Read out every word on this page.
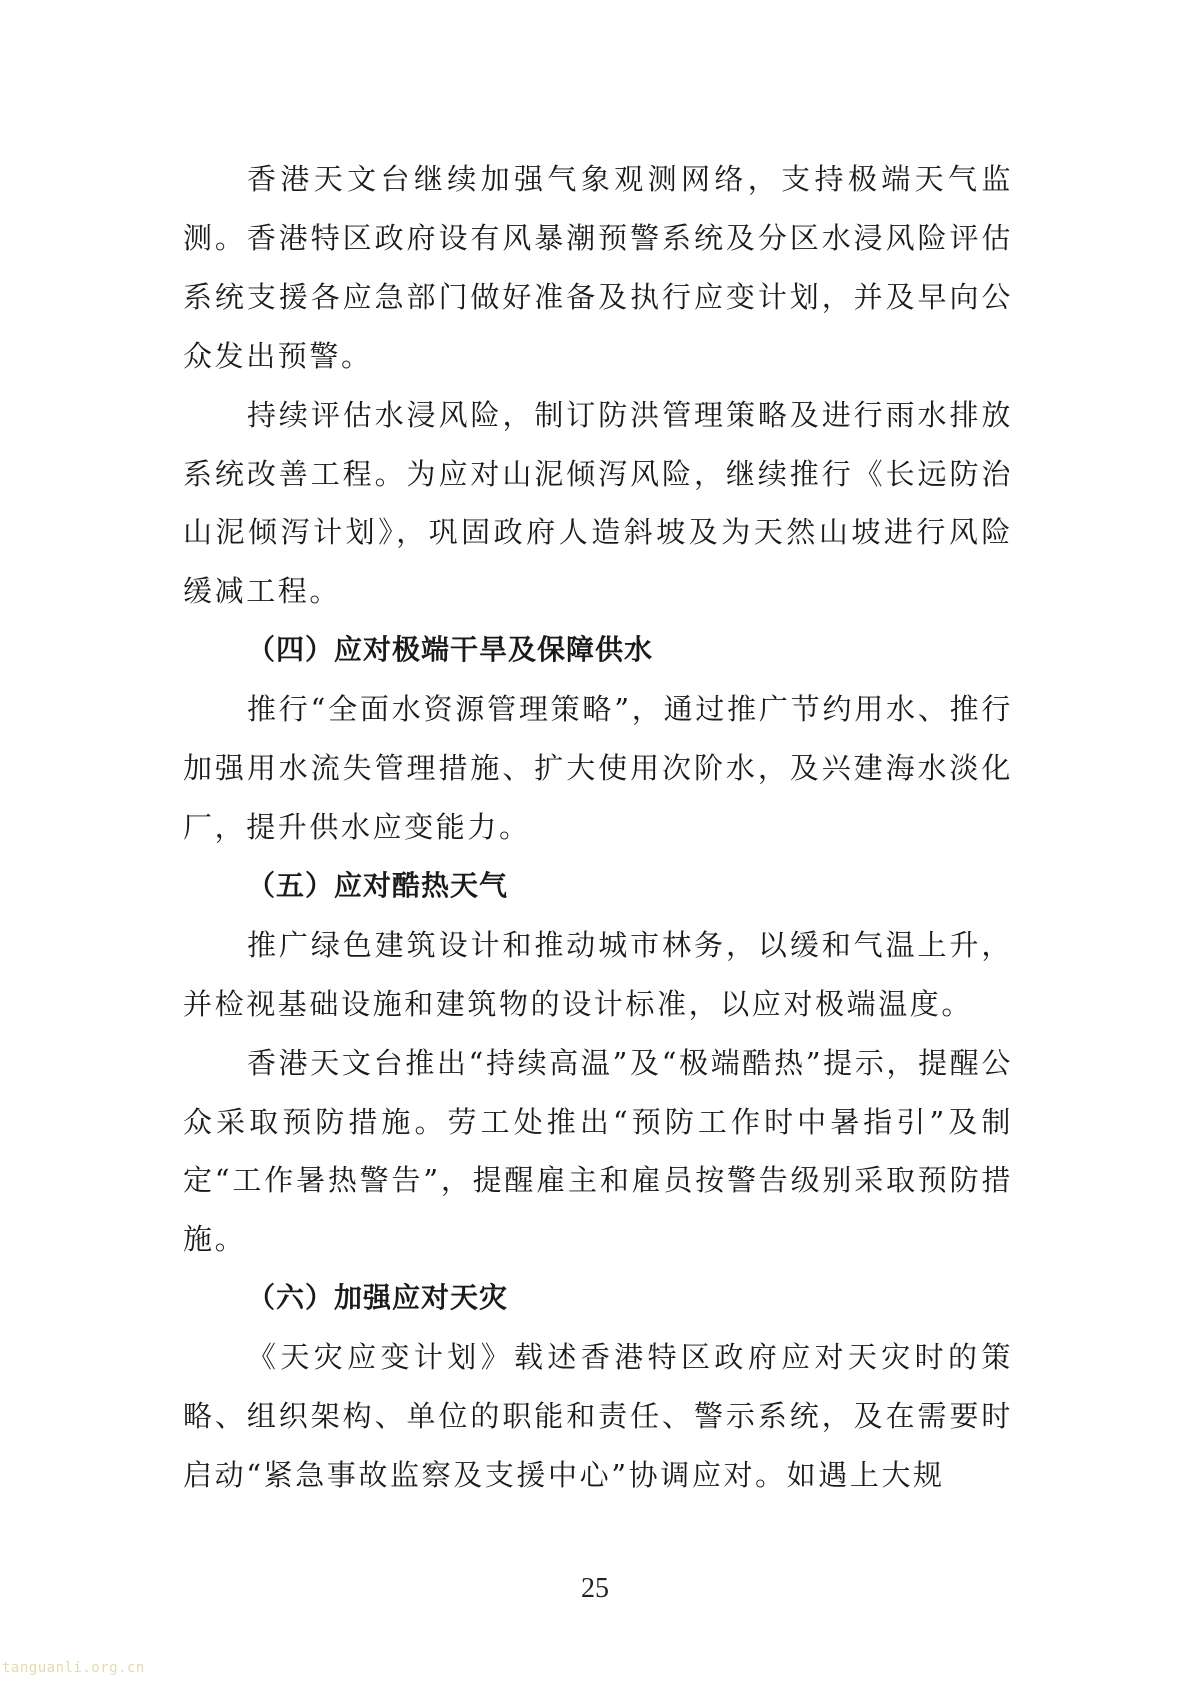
香港天文台继续加强气象观测网络，支持极端天气监测。香港特区政府设有风暴潮预警系统及分区水浸风险评估系统支援各应急部门做好准备及执行应变计划，并及早向公众发出预警。

持续评估水浸风险，制订防洪管理策略及进行雨水排放系统改善工程。为应对山泥倾泻风险，继续推行《长远防治山泥倾泻计划》，巩固政府人造斜坡及为天然山坡进行风险缓减工程。

（四）应对极端干旱及保障供水

推行“全面水资源管理策略”，通过推广节约用水、推行加强用水流失管理措施、扩大使用次阶水，及兴建海水淡化厂，提升供水应变能力。

（五）应对酷热天气

推广绿色建筑设计和推动城市林务，以缓和气温上升，并检视基础设施和建筑物的设计标准，以应对极端温度。

香港天文台推出“持续高温”及“极端酷热”提示，提醒公众采取预防措施。劳工处推出“预防工作时中暑指引”及制定“工作暑热警告”，提醒雇主和雇员按警告级别采取预防措施。

（六）加强应对天灾

《天灾应变计划》载述香港特区政府应对天灾时的策略、组织架构、单位的职能和责任、警示系统，及在需要时启动“紧急事故监察及支援中心”协调应对。如遇上大规

25
tanguanli.org.cn
